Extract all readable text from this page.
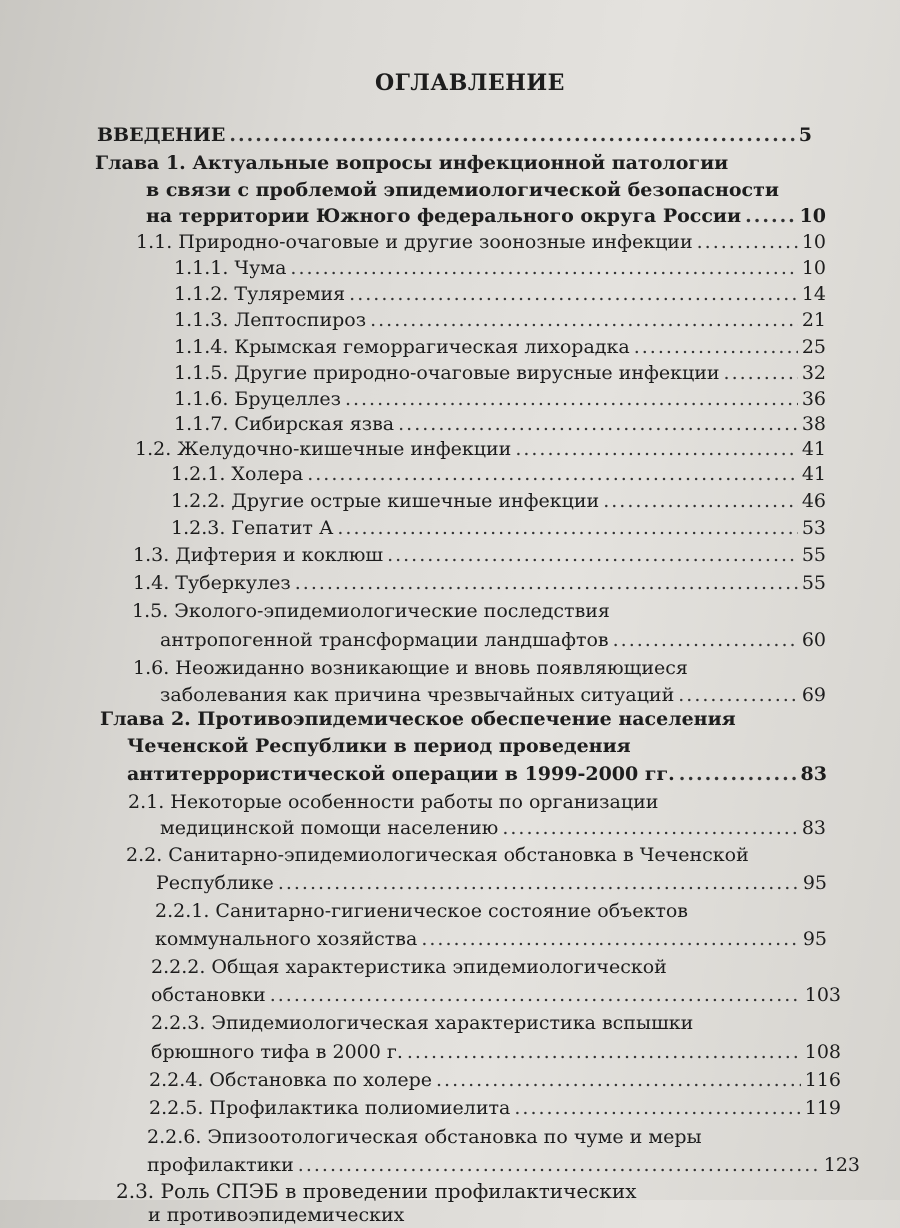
ОГЛАВЛЕНИЕ
ВВЕДЕНИЕ .....	5
Глава 1. Актуальные вопросы инфекционной патологии
в связи с проблемой эпидемиологической безопасности
на территории Южного федерального округа России .....	10
1.1. Природно-очаговые и другие зоонозные инфекции .....	10
1.1.1. Чума .....	10
1.1.2. Туляремия .....	14
1.1.3. Лептоспироз .....	21
1.1.4. Крымская геморрагическая лихорадка .....	25
1.1.5. Другие природно-очаговые вирусные инфекции .....	32
1.1.6. Бруцеллез .....	36
1.1.7. Сибирская язва .....	38
1.2. Желудочно-кишечные инфекции .....	41
1.2.1. Холера .....	41
1.2.2. Другие острые кишечные инфекции .....	46
1.2.3. Гепатит А .....	53
1.3. Дифтерия и коклюш .....	55
1.4. Туберкулез .....	55
1.5. Эколого-эпидемиологические последствия
антропогенной трансформации ландшафтов .....	60
1.6. Неожиданно возникающие и вновь появляющиеся
заболевания как причина чрезвычайных ситуаций .....	69
Глава 2. Противоэпидемическое обеспечение населения
Чеченской Республики в период проведения
антитеррористической операции в 1999-2000 гг. .....	83
2.1. Некоторые особенности работы по организации
медицинской помощи населению .....	83
2.2. Санитарно-эпидемиологическая обстановка в Чеченской
Республике .....	95
2.2.1. Санитарно-гигиеническое состояние объектов
коммунального хозяйства .....	95
2.2.2. Общая характеристика эпидемиологической
обстановки .....	103
2.2.3. Эпидемиологическая характеристика вспышки
брюшного тифа в 2000 г. .....	108
2.2.4. Обстановка по холере .....	116
2.2.5. Профилактика полиомиелита .....	119
2.2.6. Эпизоотологическая обстановка по чуме и меры
профилактики .....	123
2.3. Роль СПЭБ в проведении профилактических
и противоэпидемических
